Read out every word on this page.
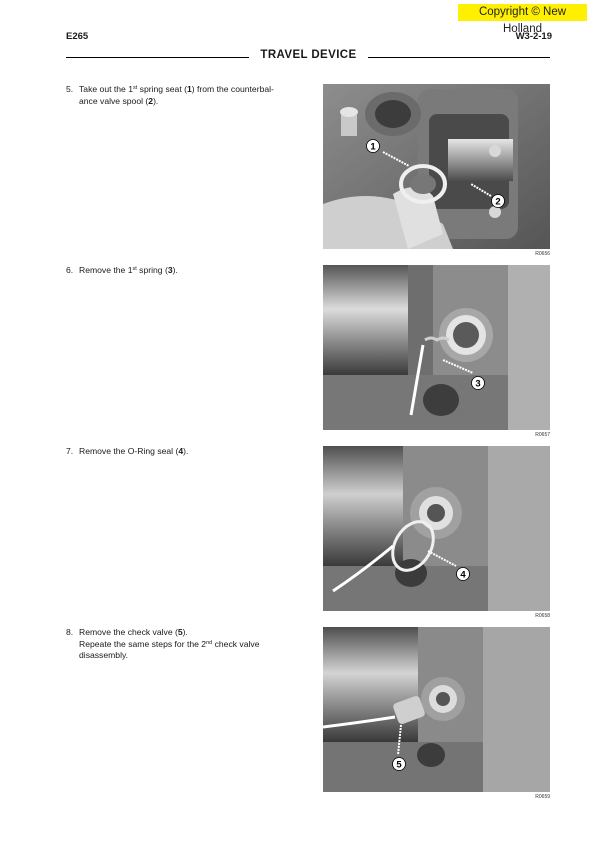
Copyright © New Holland
E265	W3-2-19
TRAVEL DEVICE
5. Take out the 1st spring seat (1) from the counterbal-
ance valve spool (2).
1
2
R0656
6. Remove the 1st spring (3).
3
R0657
7. Remove the O-Ring seal (4).
4
R0658
8. Remove the check valve (5).
Repeate the same steps for the 2nd check valve
disassembly.
5
R0659
